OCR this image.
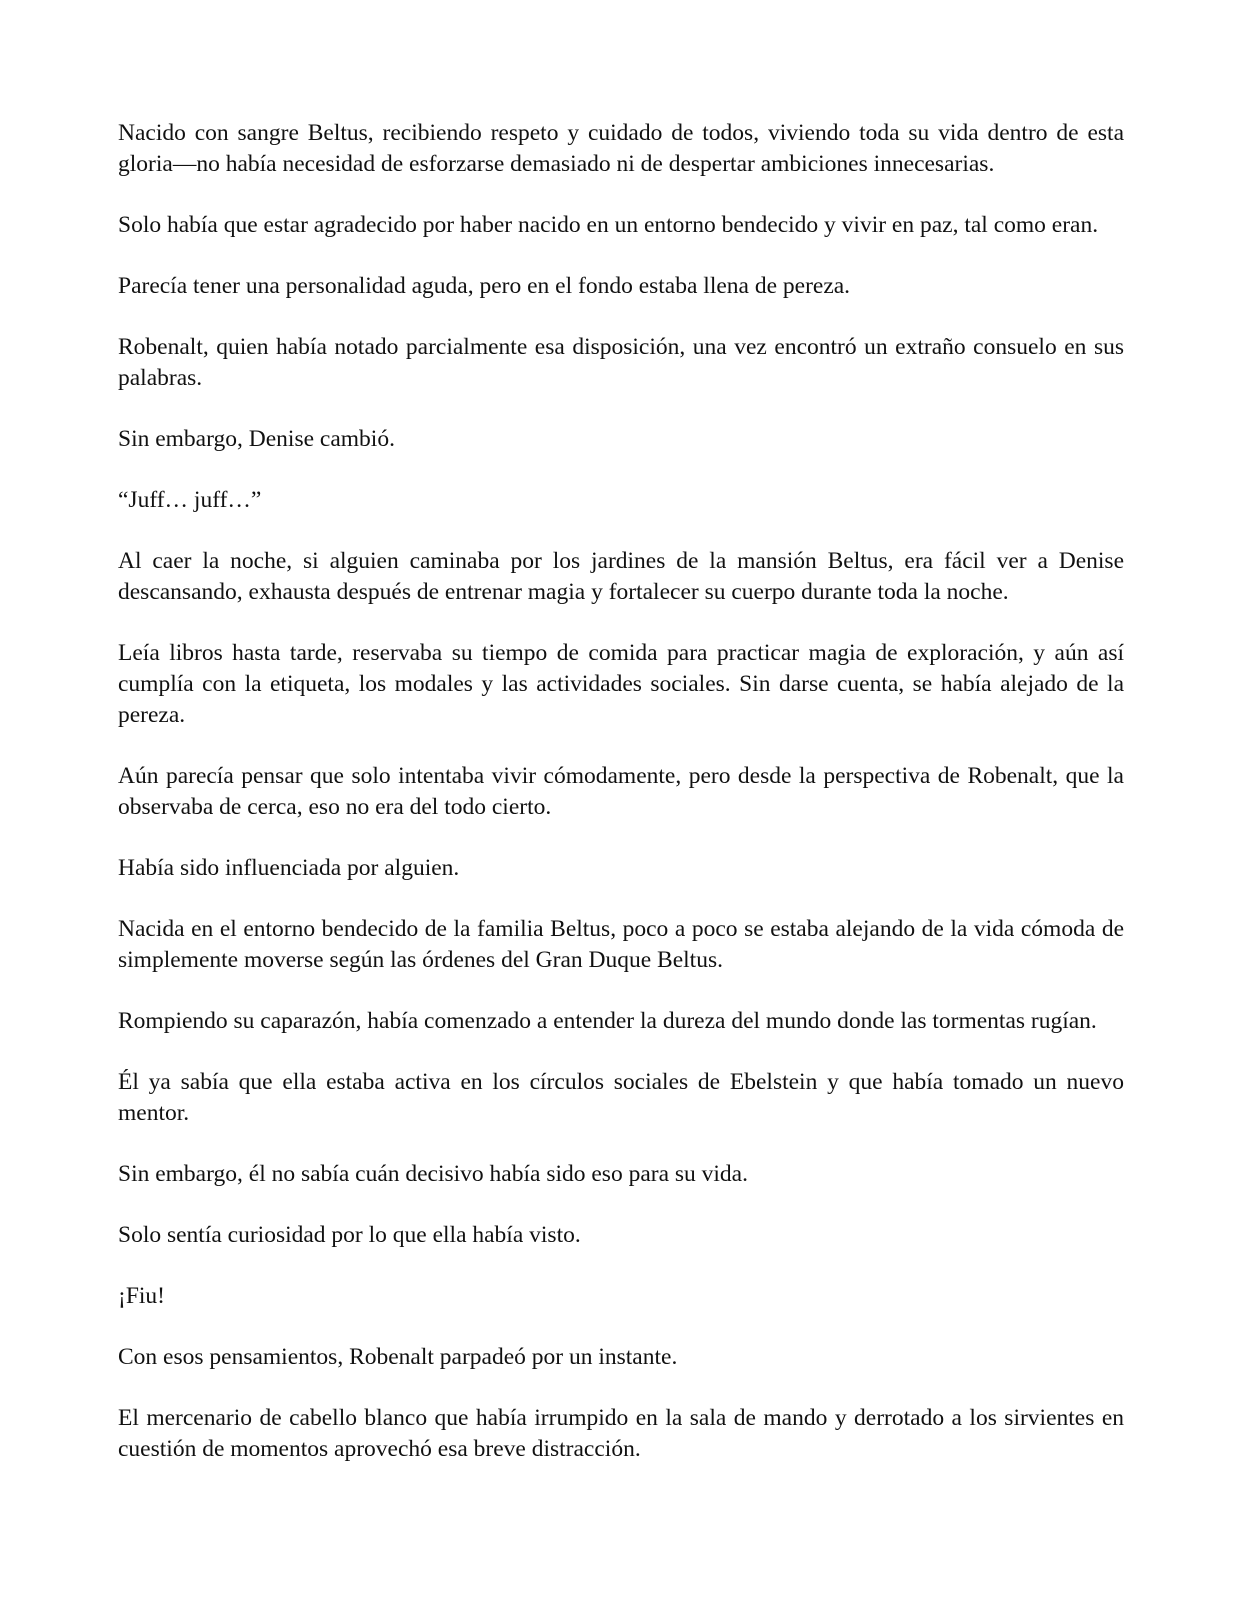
Nacido con sangre Beltus, recibiendo respeto y cuidado de todos, viviendo toda su vida dentro de esta gloria—no había necesidad de esforzarse demasiado ni de despertar ambiciones innecesarias.

Solo había que estar agradecido por haber nacido en un entorno bendecido y vivir en paz, tal como eran.

Parecía tener una personalidad aguda, pero en el fondo estaba llena de pereza.

Robenalt, quien había notado parcialmente esa disposición, una vez encontró un extraño consuelo en sus palabras.

Sin embargo, Denise cambió.

“Juff… juff…”

Al caer la noche, si alguien caminaba por los jardines de la mansión Beltus, era fácil ver a Denise descansando, exhausta después de entrenar magia y fortalecer su cuerpo durante toda la noche.

Leía libros hasta tarde, reservaba su tiempo de comida para practicar magia de exploración, y aún así cumplía con la etiqueta, los modales y las actividades sociales. Sin darse cuenta, se había alejado de la pereza.

Aún parecía pensar que solo intentaba vivir cómodamente, pero desde la perspectiva de Robenalt, que la observaba de cerca, eso no era del todo cierto.

Había sido influenciada por alguien.

Nacida en el entorno bendecido de la familia Beltus, poco a poco se estaba alejando de la vida cómoda de simplemente moverse según las órdenes del Gran Duque Beltus.

Rompiendo su caparazón, había comenzado a entender la dureza del mundo donde las tormentas rugían.

Él ya sabía que ella estaba activa en los círculos sociales de Ebelstein y que había tomado un nuevo mentor.

Sin embargo, él no sabía cuán decisivo había sido eso para su vida.

Solo sentía curiosidad por lo que ella había visto.

¡Fiu!

Con esos pensamientos, Robenalt parpadeó por un instante.

El mercenario de cabello blanco que había irrumpido en la sala de mando y derrotado a los sirvientes en cuestión de momentos aprovechó esa breve distracción.
